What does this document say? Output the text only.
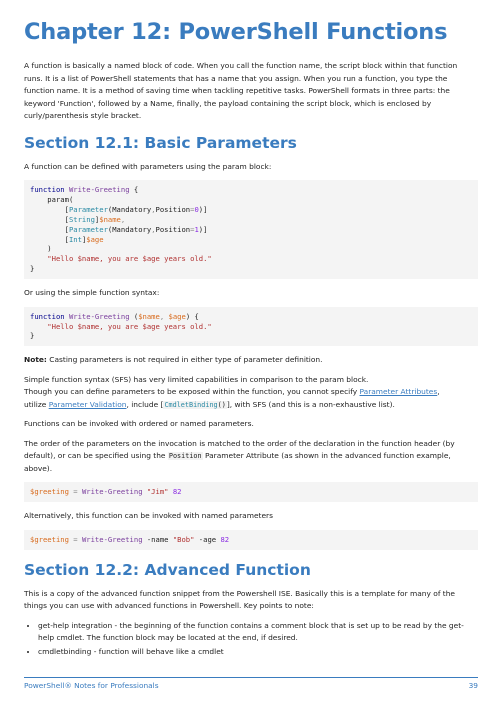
Chapter 12: PowerShell Functions

A function is basically a named block of code. When you call the function name, the script block within that function runs. It is a list of PowerShell statements that has a name that you assign. When you run a function, you type the function name. It is a method of saving time when tackling repetitive tasks. PowerShell formats in three parts: the keyword 'Function', followed by a Name, finally, the payload containing the script block, which is enclosed by curly/parenthesis style bracket.

Section 12.1: Basic Parameters

A function can be defined with parameters using the param block:

function Write-Greeting {
param(
[Parameter(Mandatory,Position=0)]
[String]$name,
[Parameter(Mandatory,Position=1)]
[Int]$age
)
"Hello $name, you are $age years old."
}

Or using the simple function syntax:

function Write-Greeting ($name, $age) {
"Hello $name, you are $age years old."
}

Note: Casting parameters is not required in either type of parameter definition.

Simple function syntax (SFS) has very limited capabilities in comparison to the param block.
Though you can define parameters to be exposed within the function, you cannot specify Parameter Attributes,
utilize Parameter Validation, include [CmdletBinding()], with SFS (and this is a non-exhaustive list).

Functions can be invoked with ordered or named parameters.

The order of the parameters on the invocation is matched to the order of the declaration in the function header (by default), or can be specified using the Position Parameter Attribute (as shown in the advanced function example, above).

$greeting = Write-Greeting "Jim" 82

Alternatively, this function can be invoked with named parameters

$greeting = Write-Greeting -name "Bob" -age 82
Section 12.2: Advanced Function

This is a copy of the advanced function snippet from the Powershell ISE. Basically this is a template for many of the things you can use with advanced functions in Powershell. Key points to note:

• get-help integration - the beginning of the function contains a comment block that is set up to be read by the get-help cmdlet. The function block may be located at the end, if desired.
• cmdletbinding - function will behave like a cmdlet
PowerShell® Notes for Professionals	39
